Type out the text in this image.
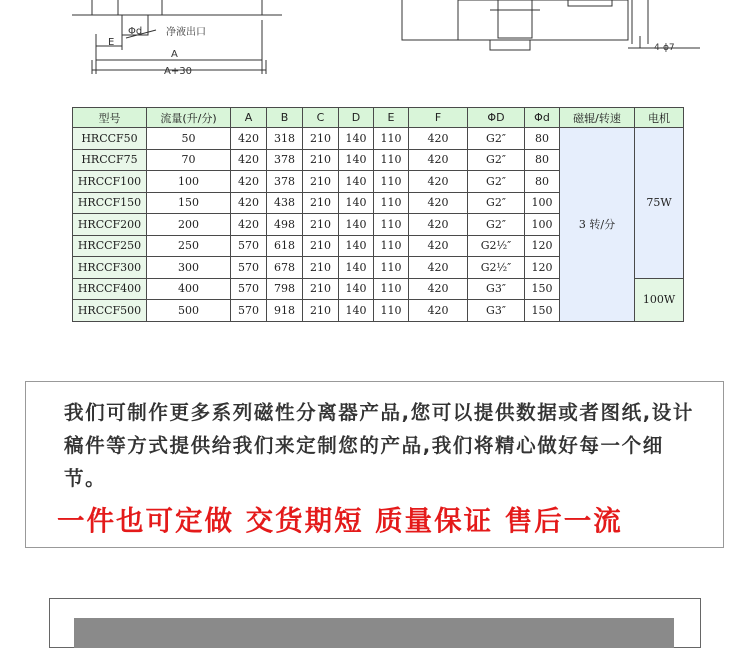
Φd 净液出口
E
A
A+30
4-ϕ7
型号	流量(升/分)	A	B	C	D	E	F	ΦD	Φd	磁辊/转速	电机
HRCCF50	50	420	318	210	140	110	420	G2″	80	3 转/分	75W
HRCCF75	70	420	378	210	140	110	420	G2″	80		
HRCCF100	100	420	378	210	140	110	420	G2″	80		
HRCCF150	150	420	438	210	140	110	420	G2″	100		
HRCCF200	200	420	498	210	140	110	420	G2″	100		
HRCCF250	250	570	618	210	140	110	420	G2½″	120		
HRCCF300	300	570	678	210	140	110	420	G2½″	120		
HRCCF400	400	570	798	210	140	110	420	G3″	150		100W
HRCCF500	500	570	918	210	140	110	420	G3″	150		

我们可制作更多系列磁性分离器产品,您可以提供数据或者图纸,设计稿件等方式提供给我们来定制您的产品,我们将精心做好每一个细节。

一件也可定做 交货期短 质量保证 售后一流
